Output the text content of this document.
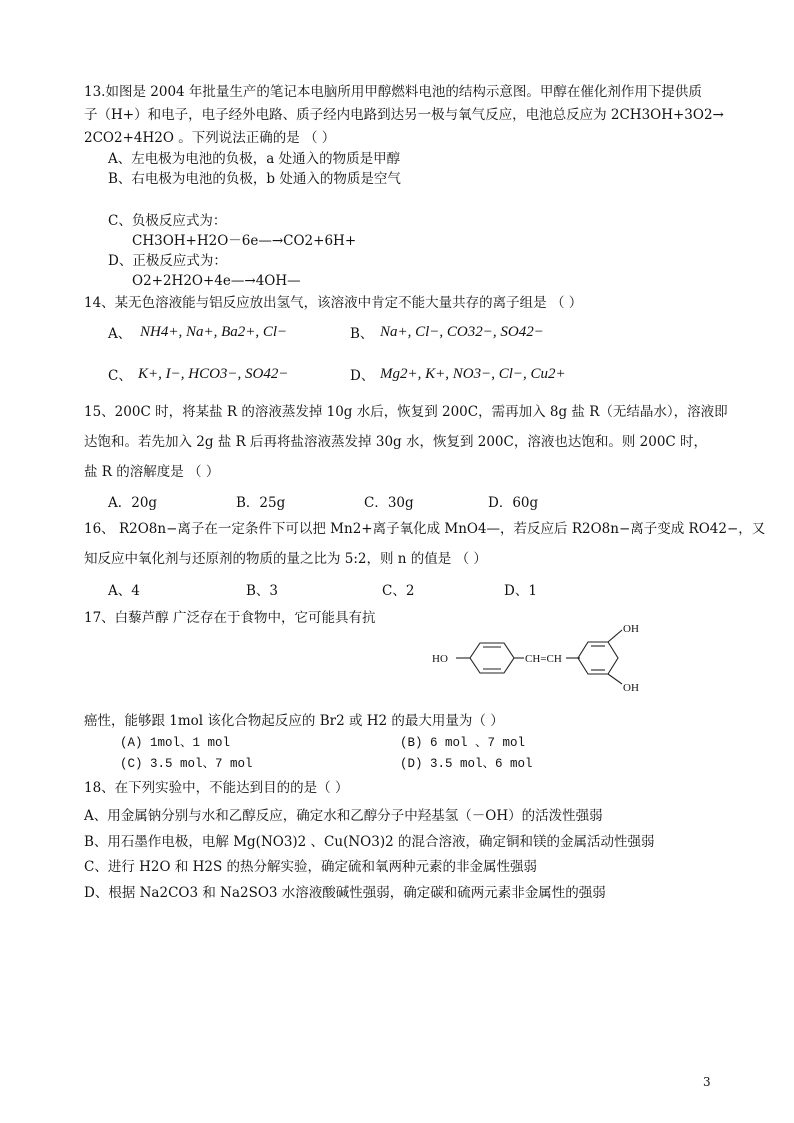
13.如图是 2004 年批量生产的笔记本电脑所用甲醇燃料电池的结构示意图。甲醇在催化剂作用下提供质
子（H+）和电子，电子经外电路、质子经内电路到达另一极与氧气反应，电池总反应为 2CH3OH+3O2→
2CO2+4H2O 。下列说法正确的是 （ ）
A、左电极为电池的负极，a 处通入的物质是甲醇
B、右电极为电池的负极，b 处通入的物质是空气
C、负极反应式为：
CH3OH+H2O－6e—→CO2+6H+
D、正极反应式为：
O2+2H2O+4e—→4OH—
14、某无色溶液能与铝反应放出氢气，该溶液中肯定不能大量共存的离子组是 （ ）
A、 NH4+, Na+, Ba2+, Cl−	B、 Na+, Cl−, CO32−, SO42−
C、 K+, I−, HCO3−, SO42−	D、 Mg2+, K+, NO3−, Cl−, Cu2+
15、200C 时，将某盐 R 的溶液蒸发掉 10g 水后，恢复到 200C，需再加入 8g 盐 R（无结晶水），溶液即
达饱和。若先加入 2g 盐 R 后再将盐溶液蒸发掉 30g 水，恢复到 200C，溶液也达饱和。则 200C 时，
盐 R 的溶解度是 （ ）
A．20g	B．25g	C．30g	D．60g
16、 R2O8n−离子在一定条件下可以把 Mn2+离子氧化成 MnO4—，若反应后 R2O8n−离子变成 RO42−，又
知反应中氧化剂与还原剂的物质的量之比为 5:2，则 n 的值是 （ ）
A、4	B、3	C、2	D、1
17、白藜芦醇 广泛存在于食物中，它可能具有抗
HO	CH=CH
OH
OH
癌性，能够跟 1mol 该化合物起反应的 Br2 或 H2 的最大用量为（ ）
(A) 1mol、1 mol	(B) 6 mol 、7 mol
(C) 3.5 mol、7 mol	(D) 3.5 mol、6 mol
18、在下列实验中，不能达到目的的是（ ）
A、用金属钠分别与水和乙醇反应，确定水和乙醇分子中羟基氢（－OH）的活泼性强弱
B、用石墨作电极，电解 Mg(NO3)2 、Cu(NO3)2 的混合溶液，确定铜和镁的金属活动性强弱
C、进行 H2O 和 H2S 的热分解实验，确定硫和氧两种元素的非金属性强弱
D、根据 Na2CO3 和 Na2SO3 水溶液酸碱性强弱，确定碳和硫两元素非金属性的强弱
3
